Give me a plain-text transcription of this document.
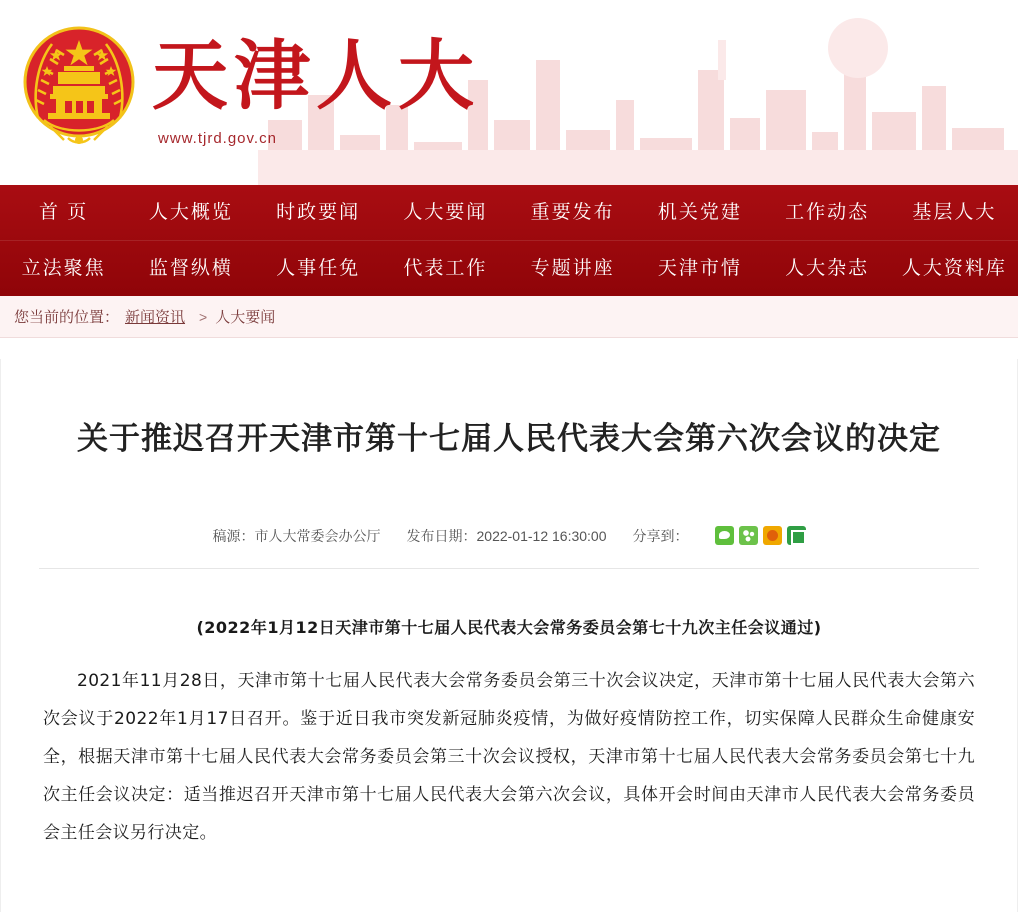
天津人大
www.tjrd.gov.cn
首 页	人大概览	时政要闻	人大要闻	重要发布	机关党建	工作动态	基层人大
立法聚焦	监督纵横	人事任免	代表工作	专题讲座	天津市情	人大杂志	人大资料库
您当前的位置： 新闻资讯 > 人大要闻
关于推迟召开天津市第十七届人民代表大会第六次会议的决定
稿源：市人大常委会办公厅 发布日期：2022-01-12 16:30:00 分享到：
(2022年1月12日天津市第十七届人民代表大会常务委员会第七十九次主任会议通过)
2021年11月28日，天津市第十七届人民代表大会常务委员会第三十次会议决定，天津市第十七届人民代表大会第六次会议于2022年1月17日召开。鉴于近日我市突发新冠肺炎疫情，为做好疫情防控工作，切实保障人民群众生命健康安全，根据天津市第十七届人民代表大会常务委员会第三十次会议授权，天津市第十七届人民代表大会常务委员会第七十九次主任会议决定：适当推迟召开天津市第十七届人民代表大会第六次会议，具体开会时间由天津市人民代表大会常务委员会主任会议另行决定。
